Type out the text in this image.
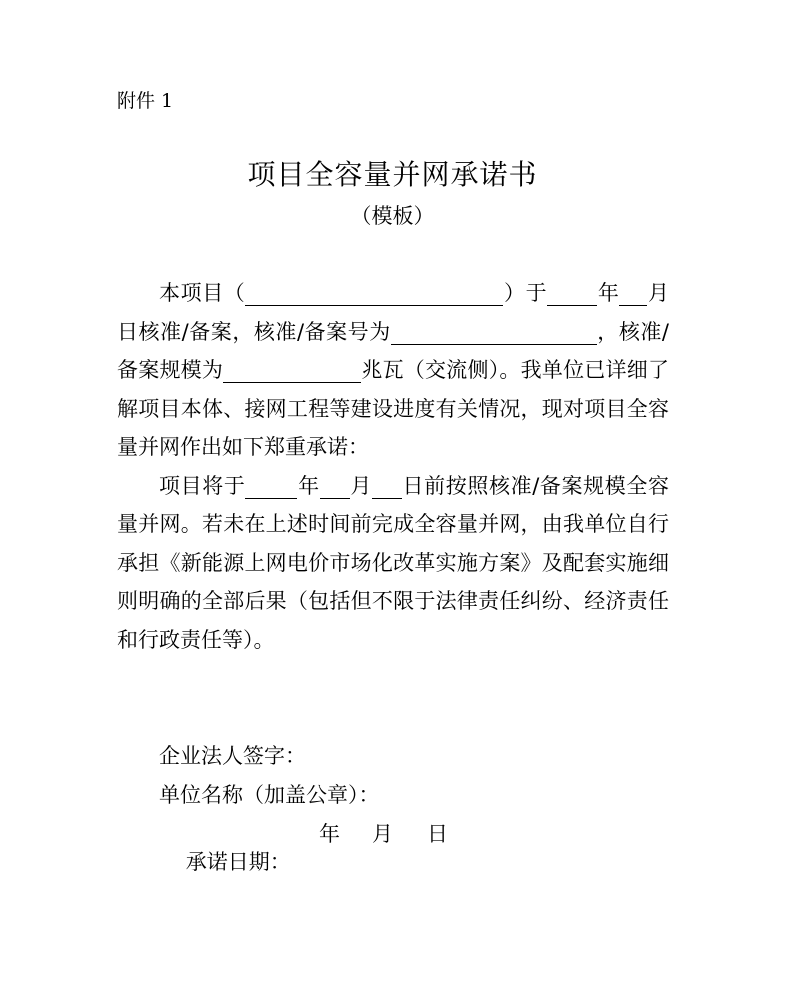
附件 1
项目全容量并网承诺书
（模板）

本项目（	）于 年 月日核准/备案，核准/备案号为	，核准/备案规模为	兆瓦（交流侧）。我单位已详细了解项目本体、接网工程等建设进度有关情况，现对项目全容量并网作出如下郑重承诺：

项目将于 年 月 日前按照核准/备案规模全容量并网。若未在上述时间前完成全容量并网，由我单位自行承担《新能源上网电价市场化改革实施方案》及配套实施细则明确的全部后果（包括但不限于法律责任纠纷、经济责任和行政责任等）。

企业法人签字：
单位名称（加盖公章）：

承诺日期：

年

月

日
